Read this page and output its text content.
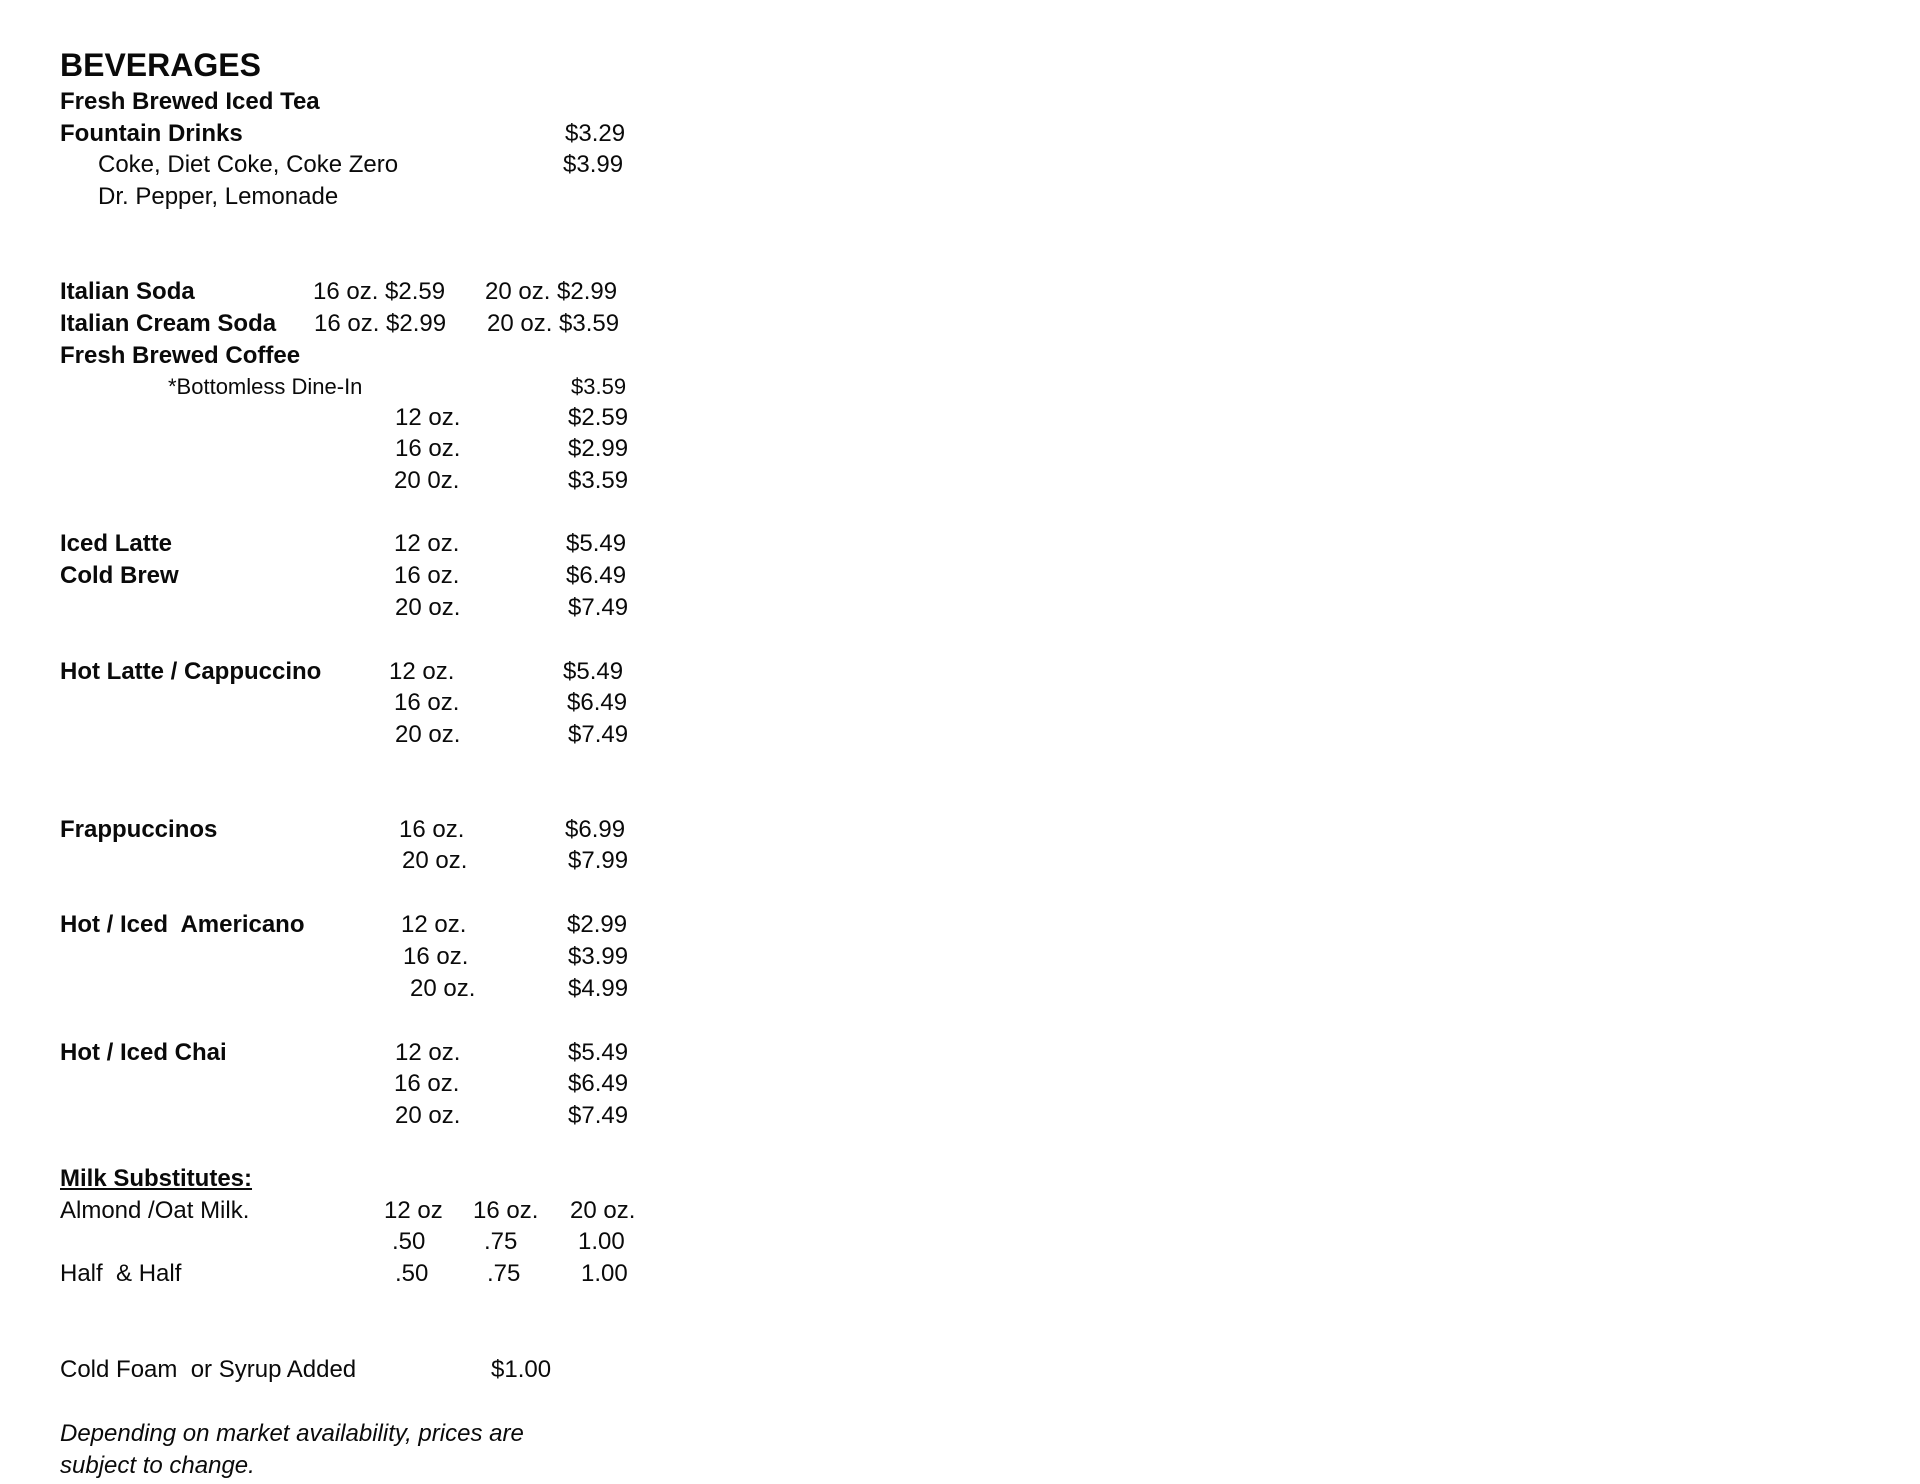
BEVERAGES
Fresh Brewed Iced Tea
Fountain Drinks	$3.29
Coke, Diet Coke, Coke Zero	$3.99
Dr. Pepper, Lemonade
Italian Soda	16 oz. $2.59 20 oz. $2.99
Italian Cream Soda 16 oz. $2.99 20 oz. $3.59
Fresh Brewed Coffee
*Bottomless Dine-In	$3.59
12 oz.	$2.59
16 oz.	$2.99
20 0z.	$3.59
Iced Latte
Cold Brew
12 oz.	$5.49
16 oz.	$6.49
20 oz.	$7.49
Hot Latte / Cappuccino	12 oz.	$5.49
16 oz.	$6.49
20 oz.	$7.49
Frappuccinos	16 oz.	$6.99
20 oz.	$7.99
Hot / Iced  Americano	12 oz.	$2.99
16 oz.	$3.99
20 oz.	$4.99
Hot / Iced Chai	12 oz.	$5.49
16 oz.	$6.49
20 oz.	$7.49
Milk Substitutes:
Almond /Oat Milk.	12 oz 16 oz. 20 oz.
.50 .75	1.00
Half  & Half	.50 .75	1.00
Cold Foam  or Syrup Added	$1.00
Depending on market availability, prices are
subject to change.
